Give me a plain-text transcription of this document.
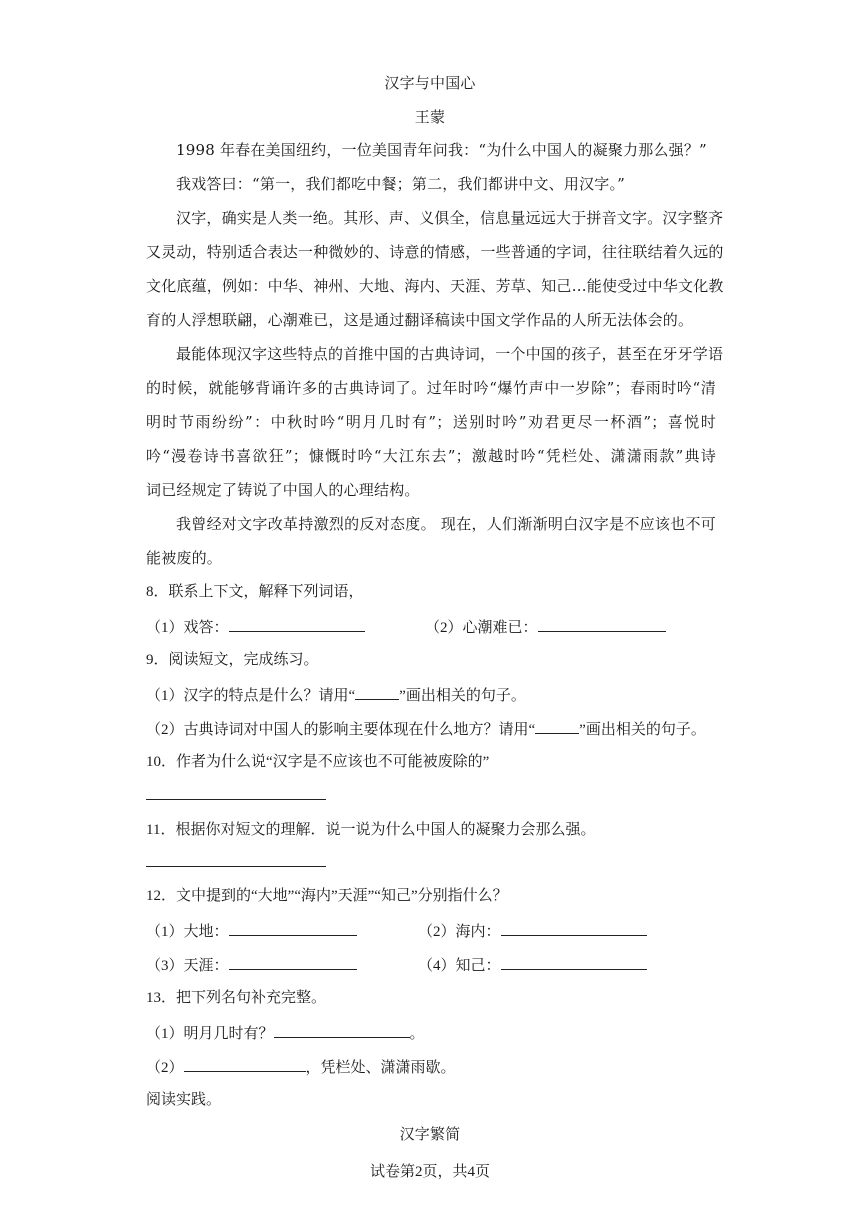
汉字与中国心
王蒙
1998 年春在美国纽约，一位美国青年问我：“为什么中国人的凝聚力那么强？”
我戏答曰：“第一，我们都吃中餐；第二，我们都讲中文、用汉字。”
汉字，确实是人类一绝。其形、声、义俱全，信息量远远大于拼音文字。汉字整齐
又灵动，特别适合表达一种微妙的、诗意的情感，一些普通的字词，往往联结着久远的
文化底蕴，例如：中华、神州、大地、海内、天涯、芳草、知己…能使受过中华文化教
育的人浮想联翩，心潮难已，这是通过翻译稿读中国文学作品的人所无法体会的。
最能体现汉字这些特点的首推中国的古典诗词，一个中国的孩子，甚至在牙牙学语
的时候，就能够背诵许多的古典诗词了。过年时吟“爆竹声中一岁除”；春雨时吟“清
明时节雨纷纷”：中秋时吟“明月几时有”；送别时吟”劝君更尽一杯酒”；喜悦时
吟“漫卷诗书喜欲狂”；慷慨时吟“大江东去”；激越时吟“凭栏处、潇潇雨款”典诗
词已经规定了铸说了中国人的心理结构。
我曾经对文字改革持激烈的反对态度。 现在，人们渐渐明白汉字是不应该也不可
能被废的。
8．联系上下文，解释下列词语，
（1）戏答：	（2）心潮难已：
9．阅读短文，完成练习。
（1）汉字的特点是什么？请用“	”画出相关的句子。
（2）古典诗词对中国人的影响主要体现在什么地方？请用“	”画出相关的句子。
10．作者为什么说“汉字是不应该也不可能被废除的”
11．根据你对短文的理解．说一说为什么中国人的凝聚力会那么强。
12．文中提到的“大地”“海内”天涯”“知己”分别指什么？
（1）大地：	（2）海内：
（3）天涯：	（4）知己：
13．把下列名句补充完整。
（1）明月几时有？	。
（2）	，凭栏处、潇潇雨歇。
阅读实践。
汉字繁简
试卷第2页，共4页
